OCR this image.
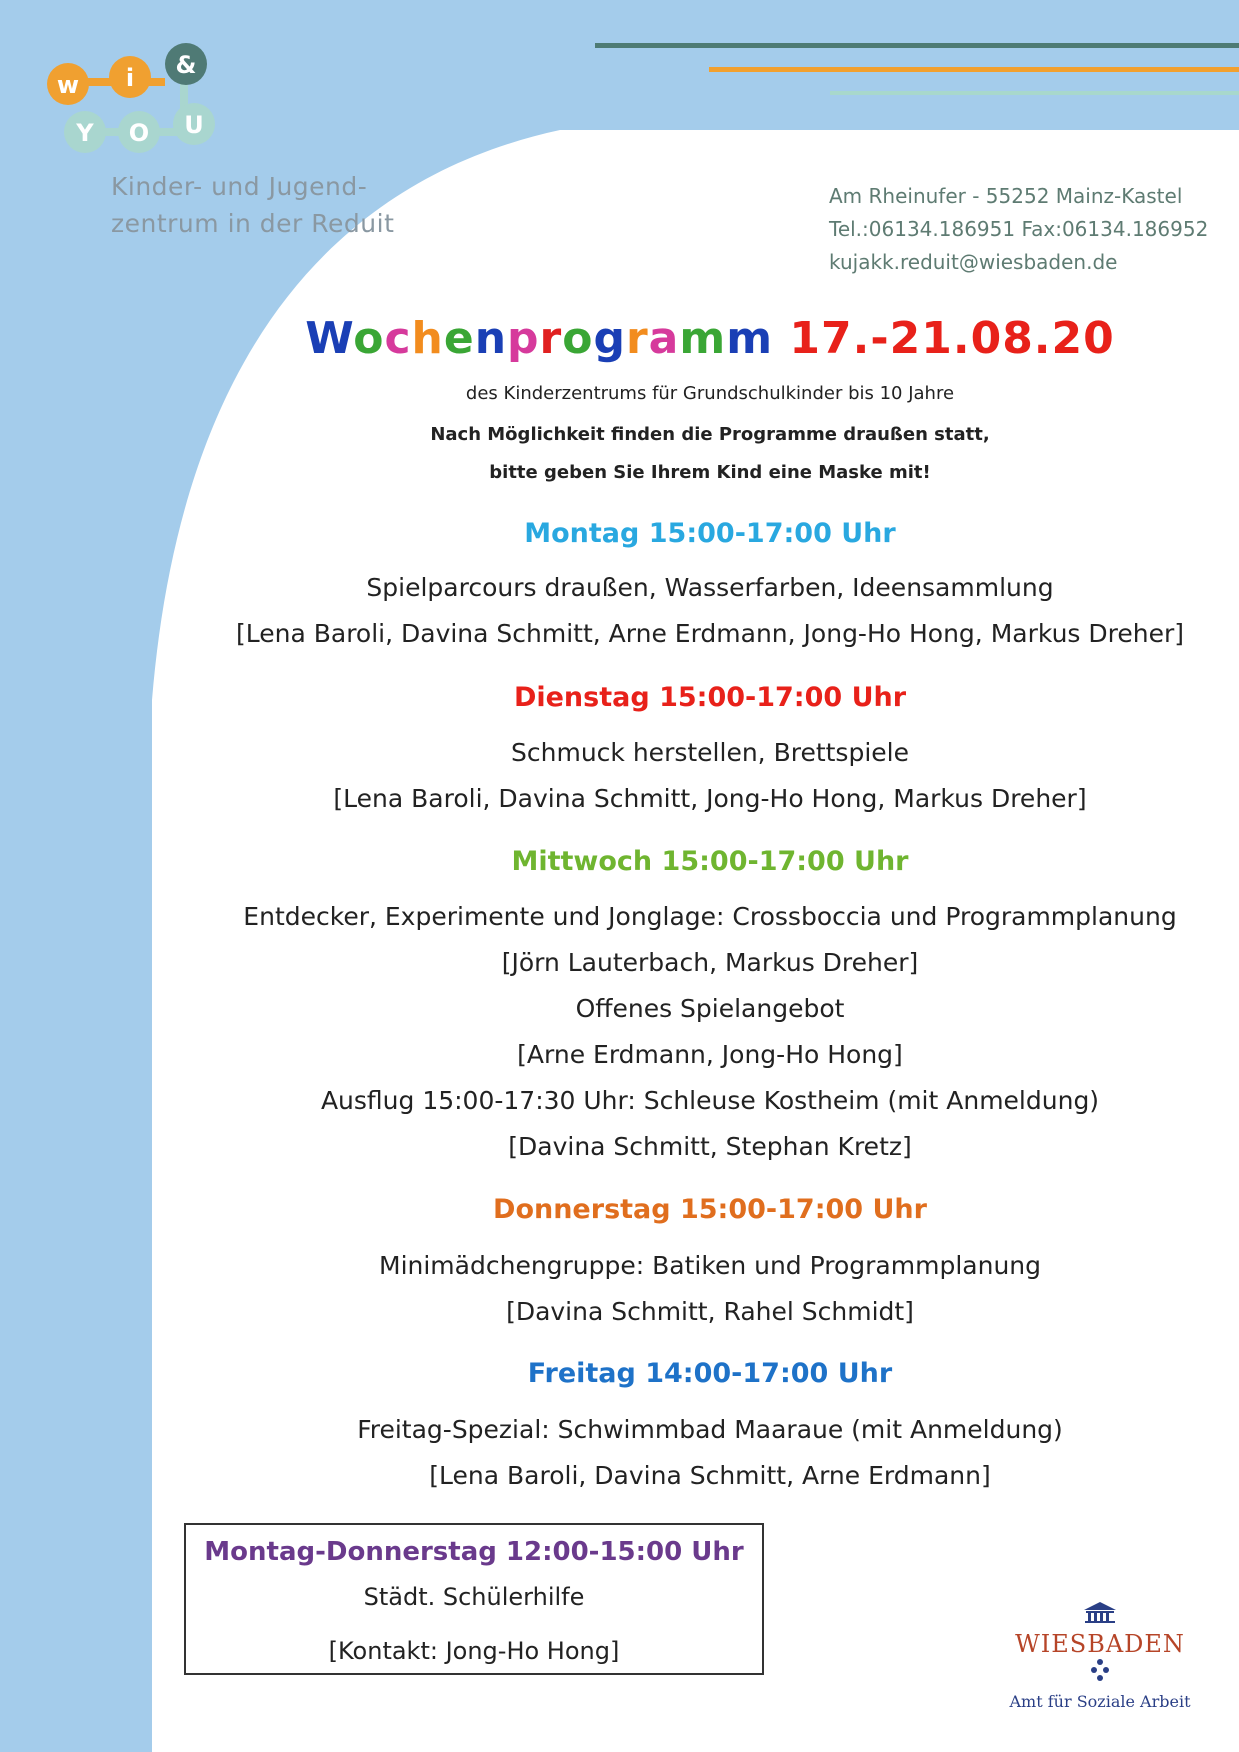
w i &
Y O U
Kinder- und Jugend-
zentrum in der Reduit
Am Rheinufer - 55252 Mainz-Kastel
Tel.:06134.186951 Fax:06134.186952
kujakk.reduit@wiesbaden.de
Wochenprogramm 17.-21.08.20
des Kinderzentrums für Grundschulkinder bis 10 Jahre
Nach Möglichkeit finden die Programme draußen statt,
bitte geben Sie Ihrem Kind eine Maske mit!
Montag 15:00-17:00 Uhr
Spielparcours draußen, Wasserfarben, Ideensammlung
[Lena Baroli, Davina Schmitt, Arne Erdmann, Jong-Ho Hong, Markus Dreher]
Dienstag 15:00-17:00 Uhr
Schmuck herstellen, Brettspiele
[Lena Baroli, Davina Schmitt, Jong-Ho Hong, Markus Dreher]
Mittwoch 15:00-17:00 Uhr
Entdecker, Experimente und Jonglage: Crossboccia und Programmplanung
[Jörn Lauterbach, Markus Dreher]
Offenes Spielangebot
[Arne Erdmann, Jong-Ho Hong]
Ausflug 15:00-17:30 Uhr: Schleuse Kostheim (mit Anmeldung)
[Davina Schmitt, Stephan Kretz]
Donnerstag 15:00-17:00 Uhr
Minimädchengruppe: Batiken und Programmplanung
[Davina Schmitt, Rahel Schmidt]
Freitag 14:00-17:00 Uhr
Freitag-Spezial: Schwimmbad Maaraue (mit Anmeldung)
[Lena Baroli, Davina Schmitt, Arne Erdmann]
Montag-Donnerstag 12:00-15:00 Uhr
Städt. Schülerhilfe
[Kontakt: Jong-Ho Hong]	WIESBADEN
Amt für Soziale Arbeit
